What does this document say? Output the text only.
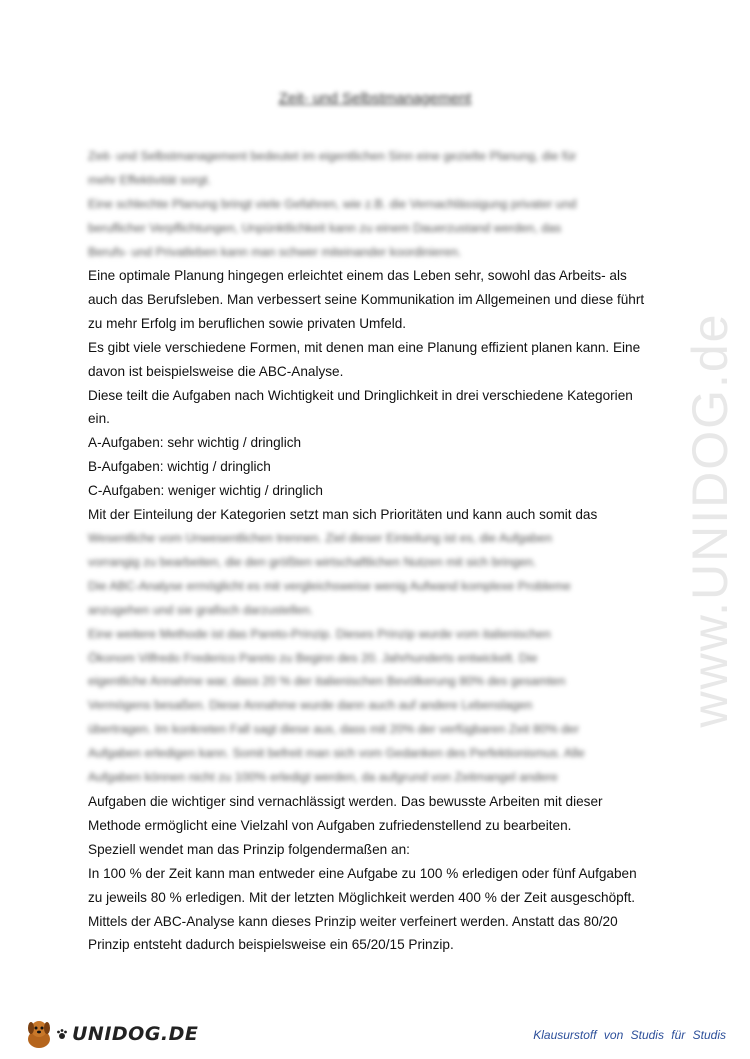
www.UNIDOG.de
Zeit- und Selbstmanagement
Zeit- und Selbstmanagement bedeutet im eigentlichen Sinn eine gezielte Planung, die für
mehr Effektivität sorgt.
Eine schlechte Planung bringt viele Gefahren, wie z.B. die Vernachlässigung privater und
beruflicher Verpflichtungen, Unpünktlichkeit kann zu einem Dauerzustand werden, das
Berufs- und Privatleben kann man schwer miteinander koordinieren.
Eine optimale Planung hingegen erleichtet einem das Leben sehr, sowohl das Arbeits- als
auch das Berufsleben. Man verbessert seine Kommunikation im Allgemeinen und diese führt
zu mehr Erfolg im beruflichen sowie privaten Umfeld.
Es gibt viele verschiedene Formen, mit denen man eine Planung effizient planen kann. Eine
davon ist beispielsweise die ABC-Analyse.
Diese teilt die Aufgaben nach Wichtigkeit und Dringlichkeit in drei verschiedene Kategorien
ein.
A-Aufgaben: sehr wichtig / dringlich
B-Aufgaben: wichtig / dringlich
C-Aufgaben: weniger wichtig / dringlich
Mit der Einteilung der Kategorien setzt man sich Prioritäten und kann auch somit das
Wesentliche vom Unwesentlichen trennen. Ziel dieser Einteilung ist es, die Aufgaben
vorrangig zu bearbeiten, die den größten wirtschaftlichen Nutzen mit sich bringen.
Die ABC-Analyse ermöglicht es mit vergleichsweise wenig Aufwand komplexe Probleme
anzugehen und sie grafisch darzustellen.
Eine weitere Methode ist das Pareto-Prinzip. Dieses Prinzip wurde vom italienischen
Ökonom Vilfredo Frederico Pareto zu Beginn des 20. Jahrhunderts entwickelt. Die
eigentliche Annahme war, dass 20 % der italienischen Bevölkerung 80% des gesamten
Vermögens besaßen. Diese Annahme wurde dann auch auf andere Lebenslagen
übertragen. Im konkreten Fall sagt diese aus, dass mit 20% der verfügbaren Zeit 80% der
Aufgaben erledigen kann. Somit befreit man sich vom Gedanken des Perfektionismus. Alle
Aufgaben können nicht zu 100% erledigt werden, da aufgrund von Zeitmangel andere
Aufgaben die wichtiger sind vernachlässigt werden. Das bewusste Arbeiten mit dieser
Methode ermöglicht eine Vielzahl von Aufgaben zufriedenstellend zu bearbeiten.
Speziell wendet man das Prinzip folgendermaßen an:
In 100 % der Zeit kann man entweder eine Aufgabe zu 100 % erledigen oder fünf Aufgaben
zu jeweils 80 % erledigen. Mit der letzten Möglichkeit werden 400 % der Zeit ausgeschöpft.
Mittels der ABC-Analyse kann dieses Prinzip weiter verfeinert werden. Anstatt das 80/20
Prinzip entsteht dadurch beispielsweise ein 65/20/15 Prinzip.
UNIDOG.DE	Klausurstoff von Studis für Studis
